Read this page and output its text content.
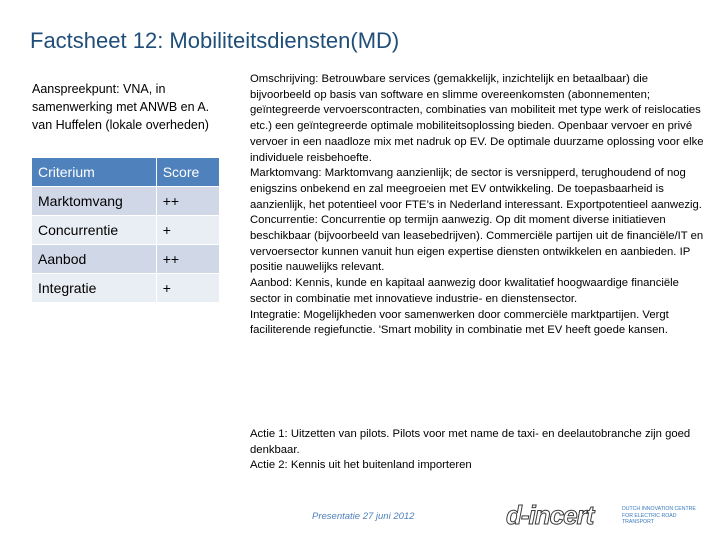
Factsheet 12: Mobiliteitsdiensten(MD)
Aanspreekpunt: VNA, in samenwerking met ANWB en A. van Huffelen (lokale overheden)
Criterium	Score
Marktomvang	++
Concurrentie	+
Aanbod	++
Integratie	+

Omschrijving: Betrouwbare services (gemakkelijk, inzichtelijk en betaalbaar) die bijvoorbeeld op basis van software en slimme overeenkomsten (abonnementen; geïntegreerde vervoerscontracten, combinaties van mobiliteit met type werk of reislocaties etc.) een geïntegreerde optimale mobiliteitsoplossing bieden. Openbaar vervoer en privé vervoer in een naadloze mix met nadruk op EV. De optimale duurzame oplossing voor elke individuele reisbehoefte.

Marktomvang: Marktomvang aanzienlijk; de sector is versnipperd, terughoudend of nog enigszins onbekend en zal meegroeien met EV ontwikkeling. De toepasbaarheid is aanzienlijk, het potentieel voor FTE’s in Nederland interessant. Exportpotentieel aanwezig.

Concurrentie: Concurrentie op termijn aanwezig. Op dit moment diverse initiatieven beschikbaar (bijvoorbeeld van leasebedrijven). Commerciële partijen uit de financiële/IT en vervoersector kunnen vanuit hun eigen expertise diensten ontwikkelen en aanbieden. IP positie nauwelijks relevant.

Aanbod: Kennis, kunde en kapitaal aanwezig door kwalitatief hoogwaardige financiële sector in combinatie met innovatieve industrie- en dienstensector.

Integratie: Mogelijkheden voor samenwerken door commerciële marktpartijen. Vergt faciliterende regiefunctie. 'Smart mobility in combinatie met EV heeft goede kansen.

Actie 1: Uitzetten van pilots. Pilots voor met name de taxi- en deelautobranche zijn goed denkbaar.

Actie 2: Kennis uit het buitenland importeren

Presentatie 27 juni 2012	d-incert	DUTCH INNOVATION CENTRE FOR ELECTRIC ROAD TRANSPORT
